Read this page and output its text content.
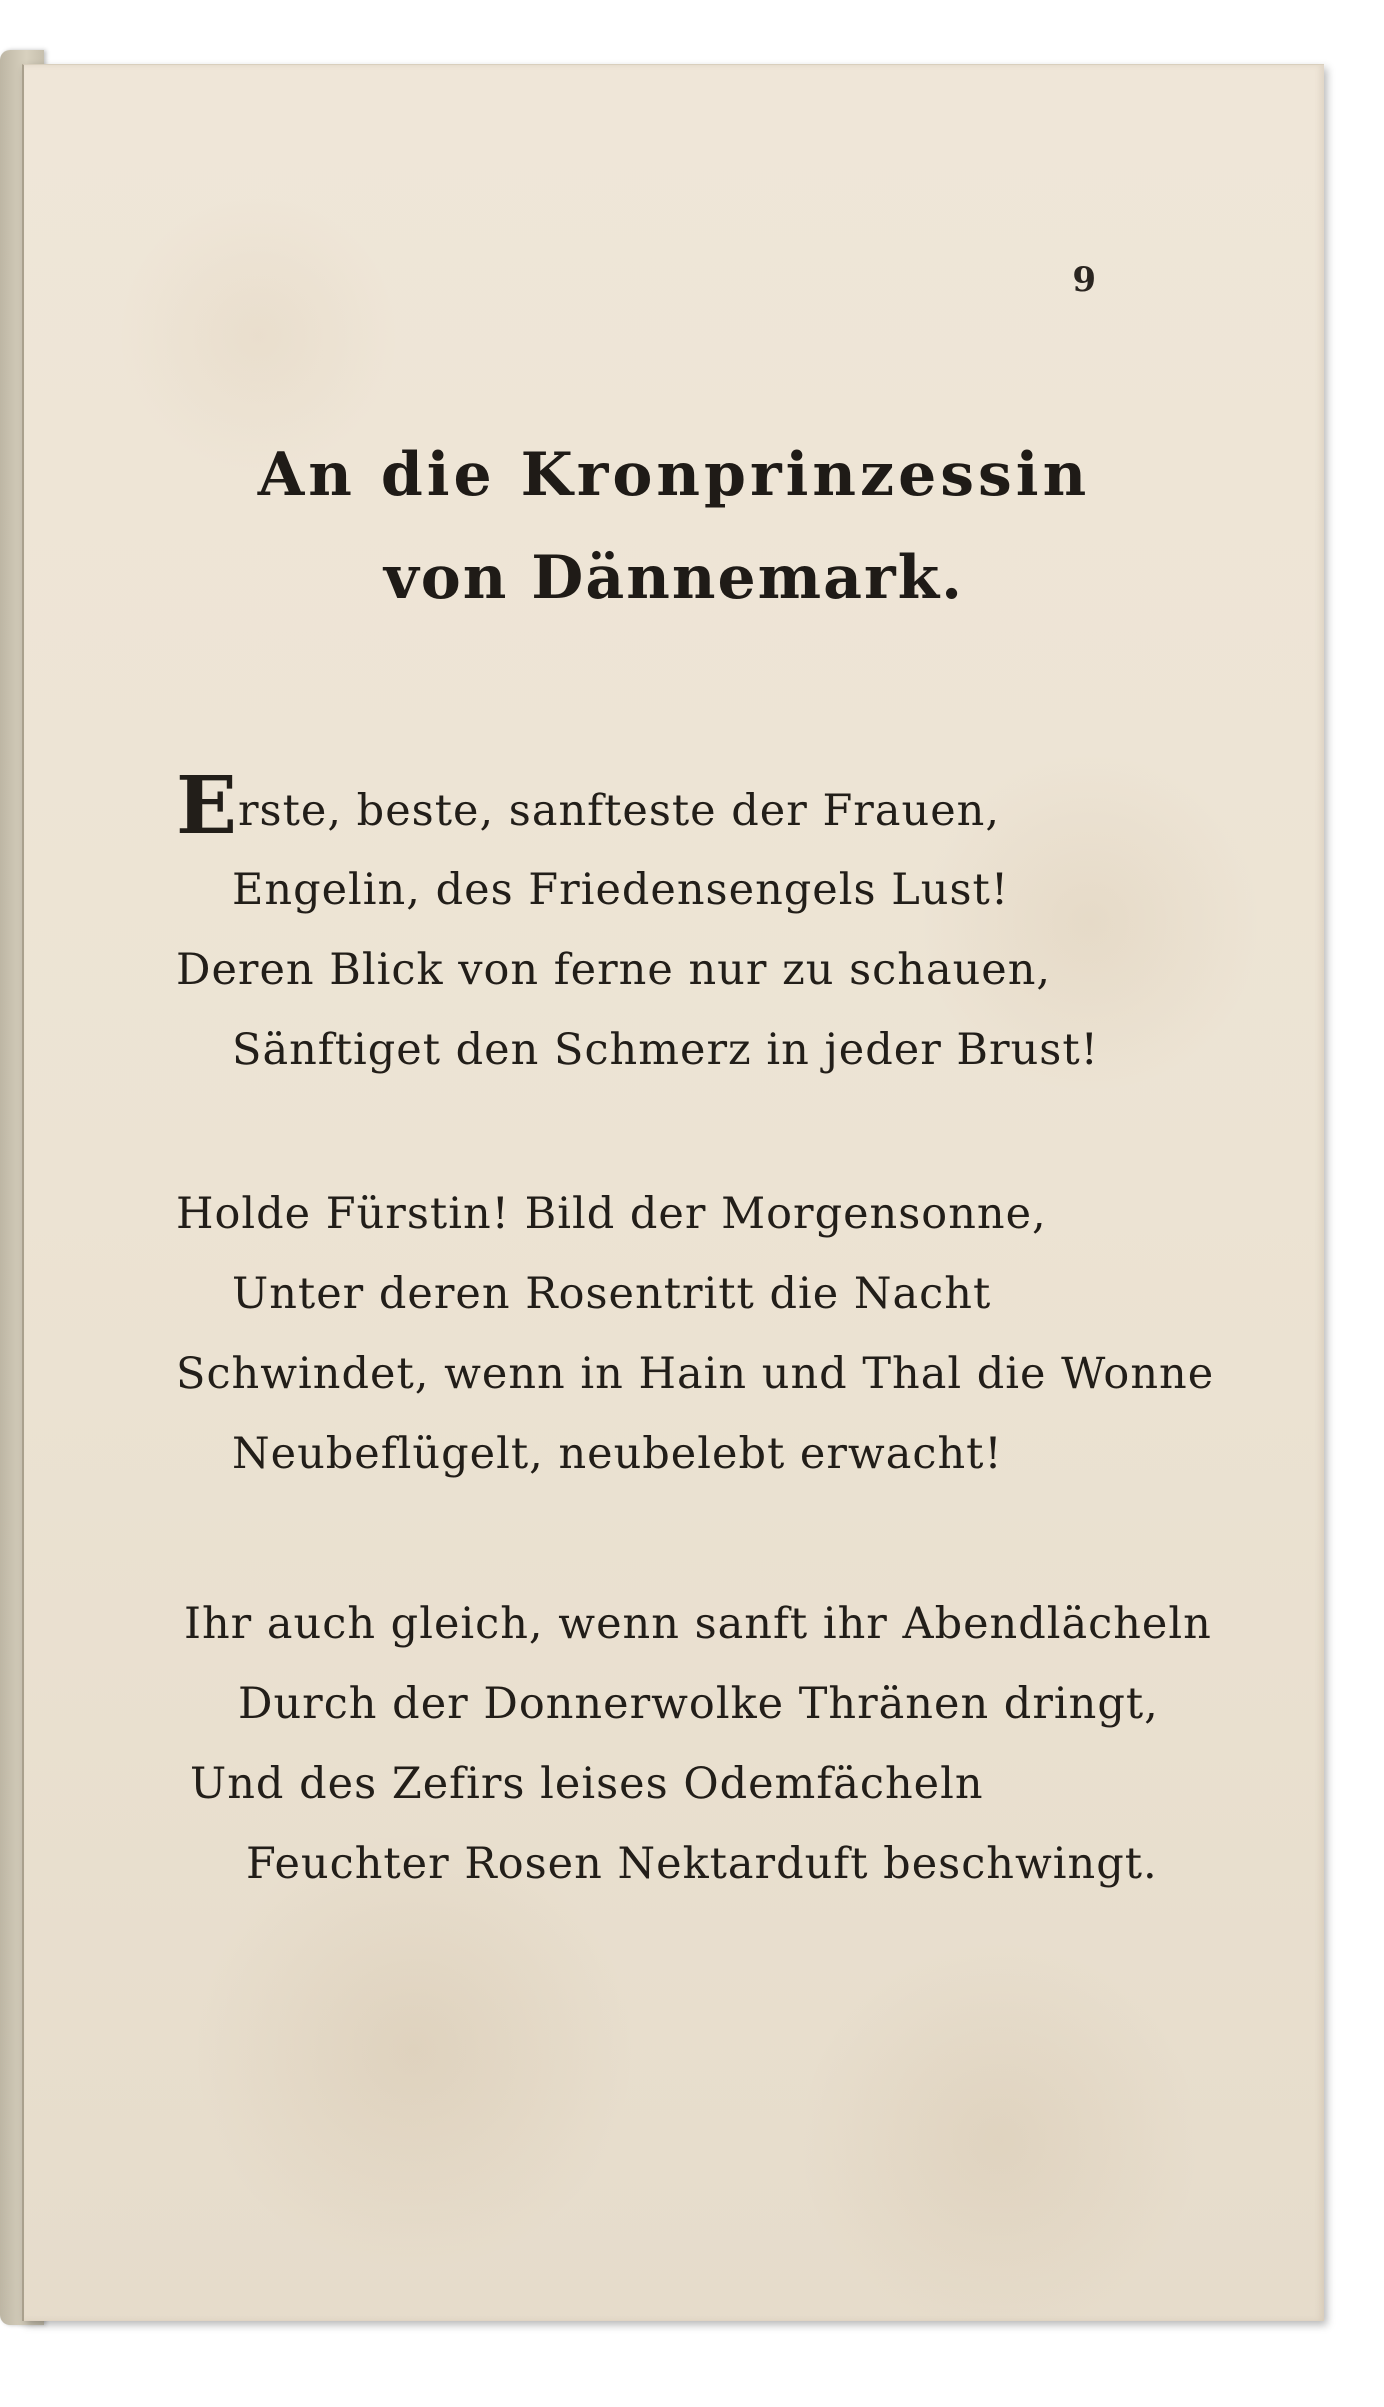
9
An die Kronprinzessin
von Dännemark.
Erste, beste, sanfteste der Frauen,
Engelin, des Friedensengels Lust!
Deren Blick von ferne nur zu schauen,
Sänftiget den Schmerz in jeder Brust!
Holde Fürstin! Bild der Morgensonne,
Unter deren Rosentritt die Nacht
Schwindet, wenn in Hain und Thal die Wonne
Neubeflügelt, neubelebt erwacht!
Ihr auch gleich, wenn sanft ihr Abendlächeln
Durch der Donnerwolke Thränen dringt,
Und des Zefirs leises Odemfächeln
Feuchter Rosen Nektarduft beschwingt.
